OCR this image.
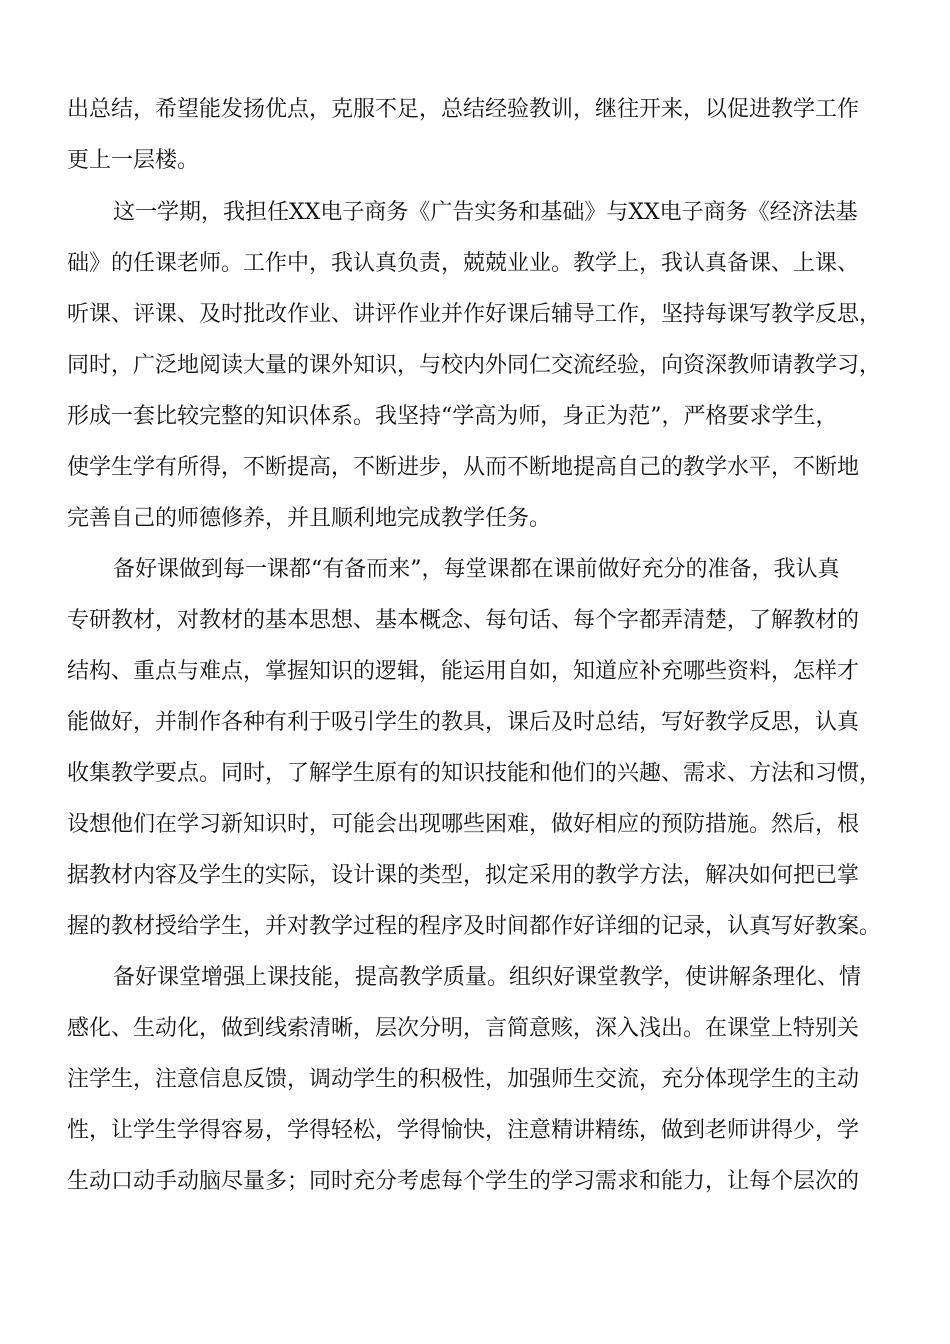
出总结，希望能发扬优点，克服不足，总结经验教训，继往开来，以促进教学工作
更上一层楼。
这一学期，我担任XX电子商务《广告实务和基础》与XX电子商务《经济法基
础》的任课老师。工作中，我认真负责，兢兢业业。教学上，我认真备课、上课、
听课、评课、及时批改作业、讲评作业并作好课后辅导工作，坚持每课写教学反思，
同时，广泛地阅读大量的课外知识，与校内外同仁交流经验，向资深教师请教学习，
形成一套比较完整的知识体系。我坚持“学高为师，身正为范”，严格要求学生，
使学生学有所得，不断提高，不断进步，从而不断地提高自己的教学水平，不断地
完善自己的师德修养，并且顺利地完成教学任务。
备好课做到每一课都“有备而来”，每堂课都在课前做好充分的准备，我认真
专研教材，对教材的基本思想、基本概念、每句话、每个字都弄清楚，了解教材的
结构、重点与难点，掌握知识的逻辑，能运用自如，知道应补充哪些资料，怎样才
能做好，并制作各种有利于吸引学生的教具，课后及时总结，写好教学反思，认真
收集教学要点。同时，了解学生原有的知识技能和他们的兴趣、需求、方法和习惯，
设想他们在学习新知识时，可能会出现哪些困难，做好相应的预防措施。然后，根
据教材内容及学生的实际，设计课的类型，拟定采用的教学方法，解决如何把已掌
握的教材授给学生，并对教学过程的程序及时间都作好详细的记录，认真写好教案。
备好课堂增强上课技能，提高教学质量。组织好课堂教学，使讲解条理化、情
感化、生动化，做到线索清晰，层次分明，言简意赅，深入浅出。在课堂上特别关
注学生，注意信息反馈，调动学生的积极性，加强师生交流，充分体现学生的主动
性，让学生学得容易，学得轻松，学得愉快，注意精讲精练，做到老师讲得少，学
生动口动手动脑尽量多；同时充分考虑每个学生的学习需求和能力，让每个层次的
